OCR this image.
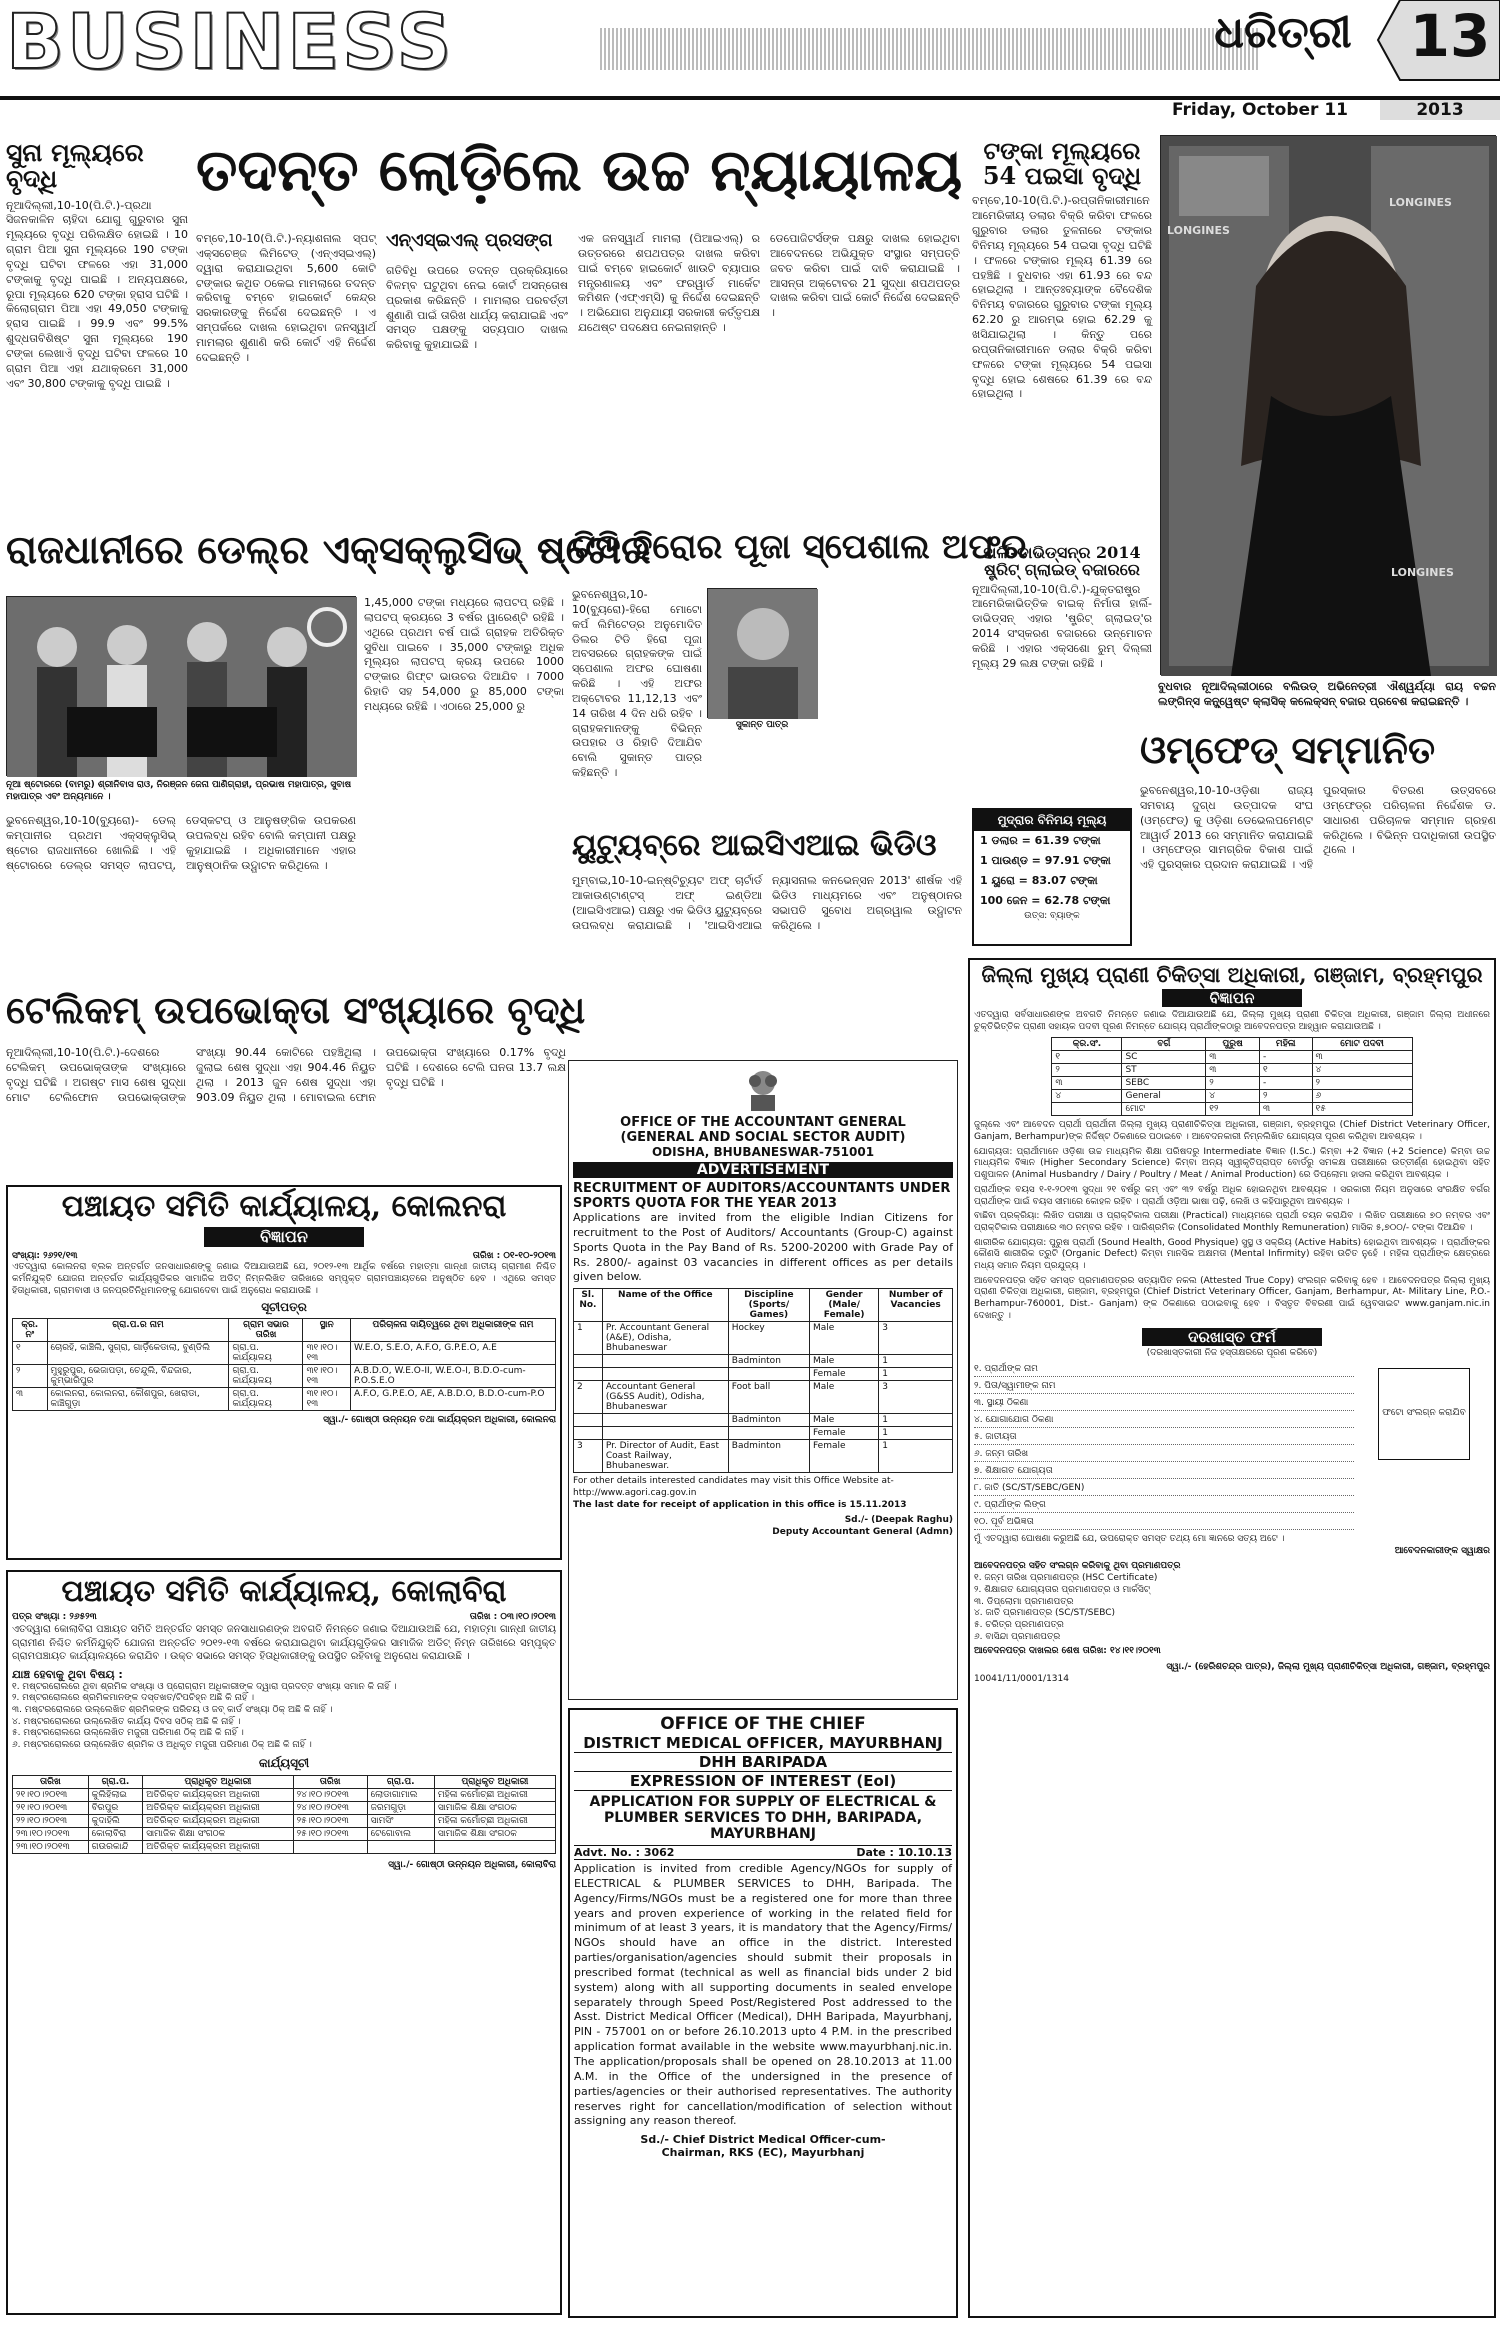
BUSINESS	ଧରିତ୍ରୀ 13
Friday, October 11	2013
ସୁନା ମୂଲ୍ୟରେ ବୃଦ୍ଧି
ନୂଆଦିଲ୍ଲୀ,10-10(ପି.ଟି.)-ପ୍ରଥା ସିଜନକାଳିନ ଚାହିଦା ଯୋଗୁ ଗୁରୁବାର ସୁନା ମୂଲ୍ୟରେ ବୃଦ୍ଧି ପରିଲକ୍ଷିତ ହୋଇଛି । 10 ଗ୍ରାମ ପିଆ ସୁନା ମୂଲ୍ୟରେ 190 ଟଙ୍କା ବୃଦ୍ଧି ଘଟିବା ଫଳରେ ଏହା 31,000 ଟଙ୍କାକୁ ବୃଦ୍ଧି ପାଇଛି । ଅନ୍ୟପକ୍ଷରେ, ରୂପା ମୂଲ୍ୟରେ 620 ଟଙ୍କା ହ୍ରାସ ଘଟିଛି । କିଲୋଗ୍ରାମ ପିଆ ଏହା 49,050 ଟଙ୍କାକୁ ହ୍ରାସ ପାଇଛି । 99.9 ଏବଂ 99.5% ଶୁଦ୍ଧତାବିଶିଷ୍ଟ ସୁନା ମୂଲ୍ୟରେ 190 ଟଙ୍କା ଲେଖାଏଁ ବୃଦ୍ଧି ଘଟିବା ଫଳରେ 10 ଗ୍ରାମ ପିଆ ଏହା ଯଥାକ୍ରମେ 31,000 ଏବଂ 30,800 ଟଙ୍କାକୁ ବୃଦ୍ଧି ପାଇଛି ।
ତଦନ୍ତ ଲୋଡ଼ିଲେ ଉଚ୍ଚ ନ୍ୟାୟାଳୟ
ବମ୍ବେ,10-10(ପି.ଟି.)-ନ୍ୟାଶନାଲ ସ୍ପଟ୍ ଏକ୍ସଚେଞ୍ଜ ଲିମିଟେଡ୍ (ଏନ୍ଏସ୍ଇଏଲ୍) ଦ୍ୱାରା କରାଯାଇଥିବା 5,600 କୋଟି ଟଙ୍କାର କଥିତ ଠକେଇ ମାମଲାରେ ତଦନ୍ତ କରିବାକୁ ବମ୍ବେ ହାଇକୋର୍ଟ କେନ୍ଦ୍ର ସରକାରଙ୍କୁ ନିର୍ଦ୍ଦେଶ ଦେଇଛନ୍ତି । ଏ ସମ୍ପର୍କରେ ଦାଖଲ ହୋଇଥିବା ଜନସ୍ୱାର୍ଥ ମାମଲାର ଶୁଣାଣି କରି କୋର୍ଟ ଏହି ନିର୍ଦ୍ଦେଶ ଦେଇଛନ୍ତି ।
ଏନ୍ଏସ୍ଇଏଲ୍ ପ୍ରସଙ୍ଗ
ଗତିବିଧି ଉପରେ ତଦନ୍ତ ପ୍ରକ୍ରିୟାରେ ବିଳମ୍ବ ଘଟୁଥିବା ନେଇ କୋର୍ଟ ଅସନ୍ତୋଷ ପ୍ରକାଶ କରିଛନ୍ତି । ମାମଲାର ପରବର୍ତ୍ତୀ ଶୁଣାଣି ପାଇଁ ତାରିଖ ଧାର୍ଯ୍ୟ କରାଯାଇଛି ଏବଂ ସମସ୍ତ ପକ୍ଷଙ୍କୁ ସତ୍ୟପାଠ ଦାଖଲ କରିବାକୁ କୁହାଯାଇଛି ।
ଏକ ଜନସ୍ୱାର୍ଥ ମାମଲା (ପିଆଇଏଲ୍) ର ଉତ୍ତରରେ ଶପଥପତ୍ର ଦାଖଲ କରିବା ପାଇଁ ବମ୍ବେ ହାଇକୋର୍ଟ ଖାଉଟି ବ୍ୟାପାର ମନ୍ତ୍ରଣାଳୟ ଏବଂ ଫରୱାର୍ଡ ମାର୍କେଟ କମିଶନ (ଏଫ୍ଏମ୍ସି) କୁ ନିର୍ଦ୍ଦେଶ ଦେଇଛନ୍ତି । ଅଭିଯୋଗ ଅନୁଯାୟୀ ସରକାରୀ କର୍ତ୍ତୃପକ୍ଷ ଯଥେଷ୍ଟ ପଦକ୍ଷେପ ନେଇନାହାନ୍ତି ।
ଡେପୋଜିଟର୍ସଙ୍କ ପକ୍ଷରୁ ଦାଖଲ ହୋଇଥିବା ଆବେଦନରେ ଅଭିଯୁକ୍ତ ସଂସ୍ଥାର ସମ୍ପତ୍ତି ଜବତ କରିବା ପାଇଁ ଦାବି କରାଯାଇଛି । ଆସନ୍ତା ଅକ୍ଟୋବର 21 ସୁଦ୍ଧା ଶପଥପତ୍ର ଦାଖଲ କରିବା ପାଇଁ କୋର୍ଟ ନିର୍ଦ୍ଦେଶ ଦେଇଛନ୍ତି ।
ଟଙ୍କା ମୂଲ୍ୟରେ 54 ପଇସା ବୃଦ୍ଧି
ବମ୍ବେ,10-10(ପି.ଟି.)-ରପ୍ତାନିକାରୀମାନେ ଆମେରିକୀୟ ଡଲାର ବିକ୍ରି କରିବା ଫଳରେ ଗୁରୁବାର ଡଲାର ତୁଳନାରେ ଟଙ୍କାର ବିନିମୟ ମୂଲ୍ୟରେ 54 ପଇସା ବୃଦ୍ଧି ଘଟିଛି । ଫଳରେ ଟଙ୍କାର ମୂଲ୍ୟ 61.39 ରେ ପହଞ୍ଚିଛି । ବୁଧବାର ଏହା 61.93 ରେ ବନ୍ଦ ହୋଇଥିଲା । ଆନ୍ତଃବ୍ୟାଙ୍କ ବୈଦେଶିକ ବିନିମୟ ବଜାରରେ ଗୁରୁବାର ଟଙ୍କା ମୂଲ୍ୟ 62.20 ରୁ ଆରମ୍ଭ ହୋଇ 62.29 କୁ ଖସିଯାଇଥିଲା । କିନ୍ତୁ ପରେ ରପ୍ତାନିକାରୀମାନେ ଡଲାର ବିକ୍ରି କରିବା ଫଳରେ ଟଙ୍କା ମୂଲ୍ୟରେ 54 ପଇସା ବୃଦ୍ଧି ହୋଇ ଶେଷରେ 61.39 ରେ ବନ୍ଦ ହୋଇଥିଲା ।
LONGINES
LONGINES
LONGINES
ବୁଧବାର ନୂଆଦିଲ୍ଲୀଠାରେ ବଲିଉଡ୍ ଅଭିନେତ୍ରୀ ଐଶ୍ୱର୍ଯ୍ୟା ରାୟ ବଚ୍ଚନ ଲଙ୍ଗିନ୍ସ କନ୍କ୍ୱେଷ୍ଟ କ୍ଲାସିକ୍ କଲେକ୍ସନ୍ ବଜାର ପ୍ରବେଶ କରାଇଛନ୍ତି ।
ରାଜଧାନୀରେ ଡେଲ୍ର ଏକ୍ସକ୍ଲୁସିଭ୍ ଷ୍ଟୋର
1,45,000 ଟଙ୍କା ମଧ୍ୟରେ ଲାପଟପ୍ ରହିଛି । ଲାପଟପ୍ କ୍ରୟରେ 3 ବର୍ଷର ୱାରେଣ୍ଟି ରହିଛି । ଏଥିରେ ପ୍ରଥମ ବର୍ଷ ପାଇଁ ଗ୍ରାହକ ଅତିରିକ୍ତ ସୁବିଧା ପାଇବେ । 35,000 ଟଙ୍କାରୁ ଅଧିକ ମୂଲ୍ୟର ଲାପଟପ୍ କ୍ରୟ ଉପରେ 1000 ଟଙ୍କାର ଗିଫ୍ଟ ଭାଉଚର ଦିଆଯିବ । 7000 ରିହାତି ସହ 54,000 ରୁ 85,000 ଟଙ୍କା ମଧ୍ୟରେ ରହିଛି । ଏଠାରେ 25,000 ରୁ
ନୂଆ ଷ୍ଟୋରରେ (ବାମରୁ) ଶ୍ରୀନିବାସ ରାଓ, ନିରଞ୍ଜନ ଜେନା ପାଣିଗ୍ରାହୀ, ପ୍ରଭାଷ ମହାପାତ୍ର, ସୁବାଷ ମହାପାତ୍ର ଏବଂ ଅନ୍ୟମାନେ ।
ଭୁବନେଶ୍ୱର,10-10(ବ୍ୟୁରୋ)- ଡେଲ୍ କମ୍ପାନୀର ପ୍ରଥମ ଏକ୍ସକ୍ଲୁସିଭ୍ ଷ୍ଟୋର ରାଜଧାନୀରେ ଖୋଲିଛି । ଏହି ଷ୍ଟୋରରେ ଡେଲ୍ର ସମସ୍ତ ଲାପଟପ୍, ଡେସ୍କଟପ୍ ଓ ଆନୁଷଙ୍ଗିକ ଉପକରଣ ଉପଲବ୍ଧ ରହିବ ବୋଲି କମ୍ପାନୀ ପକ୍ଷରୁ କୁହାଯାଇଛି । ଅଧିକାରୀମାନେ ଏହାର ଆନୁଷ୍ଠାନିକ ଉଦ୍ଘାଟନ କରିଥିଲେ ।
ଟିଡି ହିରୋର ପୂଜା ସ୍ପେଶାଲ ଅଫର
ସୁକାନ୍ତ ପାତ୍ର
ଭୁବନେଶ୍ୱର,10-10(ବ୍ୟୁରୋ)-ହିରୋ ମୋଟୋ କର୍ପ ଲିମିଟେଡ୍ର ଅନୁମୋଦିତ ଡିଲର ଟିଡି ହିରୋ ପୂଜା ଅବସରରେ ଗ୍ରାହକଙ୍କ ପାଇଁ ସ୍ପେଶାଲ ଅଫର ଘୋଷଣା କରିଛି । ଏହି ଅଫର ଅକ୍ଟୋବର 11,12,13 ଏବଂ 14 ତାରିଖ 4 ଦିନ ଧରି ରହିବ । ଗ୍ରାହକମାନଙ୍କୁ ବିଭିନ୍ନ ଉପହାର ଓ ରିହାତି ଦିଆଯିବ ବୋଲି ସୁକାନ୍ତ ପାତ୍ର କହିଛନ୍ତି ।
ୟୁଟ୍ୟୁବ୍ରେ ଆଇସିଏଆଇ ଭିଡିଓ
ମୁମ୍ବାଇ,10-10-ଇନ୍ଷ୍ଟିଚ୍ୟୁଟ ଅଫ୍ ଚାର୍ଟାର୍ଡ ଆକାଉଣ୍ଟାଣ୍ଟସ୍ ଅଫ୍ ଇଣ୍ଡିଆ (ଆଇସିଏଆଇ) ପକ୍ଷରୁ ଏକ ଭିଡିଓ ୟୁଟ୍ୟୁବ୍ରେ ଉପଲବ୍ଧ କରାଯାଇଛି । 'ଆଇସିଏଆଇ ନ୍ୟାସନାଲ କନଭେନ୍ସନ 2013' ଶୀର୍ଷକ ଏହି ଭିଡିଓ ମାଧ୍ୟମରେ ଏବଂ ଅନୁଷ୍ଠାନର ସଭାପତି ସୁବୋଧ ଅଗ୍ରୱାଲ ଉଦ୍ଘାଟନ କରିଥିଲେ ।
ଟେଲିକମ୍ ଉପଭୋକ୍ତା ସଂଖ୍ୟାରେ ବୃଦ୍ଧି
ନୂଆଦିଲ୍ଲୀ,10-10(ପି.ଟି.)-ଦେଶରେ ଟେଲିକମ୍ ଉପଭୋକ୍ତାଙ୍କ ସଂଖ୍ୟାରେ ବୃଦ୍ଧି ଘଟିଛି । ଅଗଷ୍ଟ ମାସ ଶେଷ ସୁଦ୍ଧା ମୋଟ ଟେଲିଫୋନ ଉପଭୋକ୍ତାଙ୍କ ସଂଖ୍ୟା 90.44 କୋଟିରେ ପହଞ୍ଚିଥିଲା । ଜୁଲାଇ ଶେଷ ସୁଦ୍ଧା ଏହା 904.46 ନିୟୁତ ଥିଲା । 2013 ଜୁନ ଶେଷ ସୁଦ୍ଧା ଏହା 903.09 ନିୟୁତ ଥିଲା । ମୋବାଇଲ ଫୋନ ଉପଭୋକ୍ତା ସଂଖ୍ୟାରେ 0.17% ବୃଦ୍ଧି ଘଟିଛି । ଦେଶରେ ଟେଲି ଘନତା 13.7 ଲକ୍ଷ ବୃଦ୍ଧି ଘଟିଛି ।
ଓମ୍ଫେଡ୍ ସମ୍ମାନିତ
ଭୁବନେଶ୍ୱର,10-10-ଓଡ଼ିଶା ରାଜ୍ୟ ସମବାୟ ଦୁଗ୍ଧ ଉତ୍ପାଦକ ସଂଘ (ଓମ୍ଫେଡ୍) କୁ ଓଡ଼ିଶା ଡେଭେଲପମେଣ୍ଟ ଆୱାର୍ଡ 2013 ରେ ସମ୍ମାନିତ କରାଯାଇଛି । ଓମ୍ଫେଡ୍ର ସାମଗ୍ରିକ ବିକାଶ ପାଇଁ ଏହି ପୁରସ୍କାର ପ୍ରଦାନ କରାଯାଇଛି । ଏହି ପୁରସ୍କାର ବିତରଣ ଉତ୍ସବରେ ଓମ୍ଫେଡ୍ର ପରିଚାଳନା ନିର୍ଦ୍ଦେଶକ ଡ. ସାଧାରଣ ପରିଚାଳକ ସମ୍ମାନ ଗ୍ରହଣ କରିଥିଲେ । ବିଭିନ୍ନ ପଦାଧିକାରୀ ଉପସ୍ଥିତ ଥିଲେ ।
ହାର୍ଲି-ଡାଭିଡ୍ସନ୍ର 2014 ଷ୍ଟ୍ରିଟ୍ ଗ୍ଲାଇଡ୍ ବଜାରରେ
ନୂଆଦିଲ୍ଲୀ,10-10(ପି.ଟି.)-ଯୁକ୍ତରାଷ୍ଟ୍ର ଆମେରିକାଭିତ୍ତିକ ବାଇକ୍ ନିର୍ମାତା ହାର୍ଲି-ଡାଭିଡ୍ସନ୍ ଏହାର 'ଷ୍ଟ୍ରିଟ୍ ଗ୍ଲାଇଡ୍'ର 2014 ସଂସ୍କରଣ ବଜାରରେ ଉନ୍ମୋଚନ କରିଛି । ଏହାର ଏକ୍ସଶୋ ରୁମ୍ ଦିଲ୍ଲୀ ମୂଲ୍ୟ 29 ଲକ୍ଷ ଟଙ୍କା ରହିଛି ।
ମୁଦ୍ରାର ବିନିମୟ ମୂଲ୍ୟ
1 ଡଲାର = 61.39 ଟଙ୍କା
1 ପାଉଣ୍ଡ = 97.91 ଟଙ୍କା
1 ୟୁରୋ = 83.07 ଟଙ୍କା
100 ଜେନ = 62.78 ଟଙ୍କା
ଉତ୍ସ: ବ୍ୟାଙ୍କ
ପଞ୍ଚାୟତ ସମିତି କାର୍ଯ୍ୟାଳୟ, କୋଲନରା
ବିଜ୍ଞାପନ
ସଂଖ୍ୟା: ୨୬୨୧/୧୩	ତାରିଖ : ୦୧-୧୦-୨୦୧୩
ଏତଦ୍ୱାରା କୋଲନରା ବ୍ଲକ ଅନ୍ତର୍ଗତ ଜନସାଧାରଣଙ୍କୁ ଜଣାଇ ଦିଆଯାଉଅଛି ଯେ, ୨୦୧୨-୧୩ ଆର୍ଥିକ ବର୍ଷରେ ମହାତ୍ମା ଗାନ୍ଧୀ ଜାତୀୟ ଗ୍ରାମୀଣ ନିଶ୍ଚିତ କର୍ମନିଯୁକ୍ତି ଯୋଜନା ଅନ୍ତର୍ଗତ କାର୍ଯ୍ୟଗୁଡିକର ସାମାଜିକ ଅଡିଟ୍ ନିମ୍ନଲିଖିତ ତାରିଖରେ ସମ୍ପୃକ୍ତ ଗ୍ରାମପଞ୍ଚାୟତରେ ଅନୁଷ୍ଠିତ ହେବ । ଏଥିରେ ସମସ୍ତ ହିତାଧିକାରୀ, ଗ୍ରାମବାସୀ ଓ ଜନପ୍ରତିନିଧିମାନଙ୍କୁ ଯୋଗଦେବା ପାଇଁ ଅନୁରୋଧ କରାଯାଉଛି ।
ସୂଚୀପତ୍ର
କ୍ର. ନଂ	ଗ୍ରା.ପ.ର ନାମ	ଗ୍ରାମ ସଭାର ତାରିଖ	ସ୍ଥାନ	ପରିଚାଳନା ଦାୟିତ୍ୱରେ ଥିବା ଅଧିକାରୀଙ୍କ ନାମ
୧	ଚୋରହି, କାଞ୍ଚିଲି, ସୁଗ୍ରା, ଗାର୍ଡ଼ିକେଡାଲା, ବୁଣ୍ଡିଲି	ଗ୍ରା.ପ. କାର୍ଯ୍ୟାଳୟ	୩୧।୧୦।୧୩	W.E.O, S.E.O, A.F.O, G.P.E.O, A.E
୨	ମୁହୁରୁପୁର, ଭେଜାପଡ଼ା, ଚେନ୍ଦୁଲି, ବିନ୍ଦଜାର, କୁମ୍ଭାରିପୁର	ଗ୍ରା.ପ. କାର୍ଯ୍ୟାଳୟ	୩୧।୧୦।୧୩	A.B.D.O, W.E.O-II, W.E.O-I, B.D.O-cum-P.O.S.E.O
୩	କୋଲନରା, କୋଲନରା, କୌଶପୁର, ଖେରାଡା, କାଞ୍ଚିଗୁଡ଼ା	ଗ୍ରା.ପ. କାର୍ଯ୍ୟାଳୟ	୩୧।୧୦।୧୩	A.F.O, G.P.E.O, AE, A.B.D.O, B.D.O-cum-P.O
ସ୍ୱା./- ଗୋଷ୍ଠୀ ଉନ୍ନୟନ ତଥା କାର୍ଯ୍ୟକ୍ରମ ଅଧିକାରୀ, କୋଲନରା
ପଞ୍ଚାୟତ ସମିତି କାର୍ଯ୍ୟାଳୟ, କୋଲାବିରା
ପତ୍ର ସଂଖ୍ୟା : ୨୬୫୨୩	ତାରିଖ : ୦୩।୧୦।୨୦୧୩
ଏତଦ୍ୱାରା କୋଲାବିରା ପଞ୍ଚାୟତ ସମିତି ଅନ୍ତର୍ଗତ ସମସ୍ତ ଜନସାଧାରଣଙ୍କ ଅବଗତି ନିମନ୍ତେ ଜଣାଇ ଦିଆଯାଉଅଛି ଯେ, ମହାତ୍ମା ଗାନ୍ଧୀ ଜାତୀୟ ଗ୍ରାମୀଣ ନିଶ୍ଚିତ କର୍ମନିଯୁକ୍ତି ଯୋଜନା ଅନ୍ତର୍ଗତ ୨୦୧୨-୧୩ ବର୍ଷରେ କରାଯାଇଥିବା କାର୍ଯ୍ୟଗୁଡ଼ିକର ସାମାଜିକ ଅଡିଟ୍ ନିମ୍ନ ତାରିଖରେ ସମ୍ପୃକ୍ତ ଗ୍ରାମପଞ୍ଚାୟତ କାର୍ଯ୍ୟାଳୟରେ କରାଯିବ । ଉକ୍ତ ସଭାରେ ସମସ୍ତ ହିତାଧିକାରୀଙ୍କୁ ଉପସ୍ଥିତ ରହିବାକୁ ଅନୁରୋଧ କରାଯାଉଛି ।
ଯାଞ୍ଚ ହେବାକୁ ଥିବା ବିଷୟ :
୧. ମଷ୍ଟରରୋଲରେ ଥିବା ଶ୍ରମିକ ସଂଖ୍ୟା ଓ ପ୍ରୋଗ୍ରାମ ଅଧିକାରୀଙ୍କ ଦ୍ୱାରା ପ୍ରଦତ୍ତ ସଂଖ୍ୟା ସମାନ କି ନାହିଁ ।
୨. ମଷ୍ଟରରୋଲରେ ଶ୍ରମିକମାନଙ୍କ ଦସ୍ତଖତ/ଟିପଚିହ୍ନ ଅଛି କି ନାହିଁ ।
୩. ମଷ୍ଟରରୋଲରେ ଉଲ୍ଲେଖିତ ଶ୍ରମିକଙ୍କ ପରିଚୟ ଓ ଜବ୍ କାର୍ଡ ସଂଖ୍ୟା ଠିକ୍ ଅଛି କି ନାହିଁ ।
୪. ମଷ୍ଟରରୋଲରେ ଉଲ୍ଲେଖିତ କାର୍ଯ୍ୟ ଦିବସ ସଠିକ୍ ଅଛି କି ନାହିଁ ।
୫. ମଷ୍ଟରରୋଲରେ ଉଲ୍ଲେଖିତ ମଜୁରୀ ପରିମାଣ ଠିକ୍ ଅଛି କି ନାହିଁ ।
୬. ମଷ୍ଟରରୋଲରେ ଉଲ୍ଲେଖିତ ଶ୍ରମିକ ଓ ଅଧିକୃତ ମଜୁରୀ ପରିମାଣ ଠିକ୍ ଅଛି କି ନାହିଁ ।
କାର୍ଯ୍ୟସୂଚୀ
ତାରିଖ	ଗ୍ରା.ପ.	ପ୍ରାଧିକୃତ ଅଧିକାରୀ	ତାରିଖ	ଗ୍ରା.ପ.	ପ୍ରାଧିକୃତ ଅଧିକାରୀ
୨୧।୧୦।୨୦୧୩	କୁଲିହିଲାଇ	ଅତିରିକ୍ତ କାର୍ଯ୍ୟକ୍ରମ ଅଧିକାରୀ	୨୪।୧୦।୨୦୧୩	ଲୋଡାଗାମାଲ	ମହିଳା କର୍ମୋଚ୍ଛୀ ଅଧିକାରୀ
୨୧।୧୦।୨୦୧୩	ବିରପୁର	ଅତିରିକ୍ତ କାର୍ଯ୍ୟକ୍ରମ ଅଧିକାରୀ	୨୪।୧୦।୨୦୧୩	ଜରମଗୁଡ଼ା	ସାମାଜିକ ଶିକ୍ଷା ସଂଗଠକ
୨୨।୧୦।୨୦୧୩	କୁଦାହିଲି	ଅତିରିକ୍ତ କାର୍ଯ୍ୟକ୍ରମ ଅଧିକାରୀ	୨୫।୧୦।୨୦୧୩	ସାମସିଂ	ମହିଳା କର୍ମୋଚ୍ଛୀ ଅଧିକାରୀ
୨୩।୧୦।୨୦୧୩	କୋଲାବିରା	ସାମାଜିକ ଶିକ୍ଷା ସଂଗଠକ	୨୫।୧୦।୨୦୧୩	ଟେଗୋବାଲ	ସାମାଜିକ ଶିକ୍ଷା ସଂଗଠକ
୨୩।୧୦।୨୦୧୩	ଗଉରକାନ୍ଦି	ଅତିରିକ୍ତ କାର୍ଯ୍ୟକ୍ରମ ଅଧିକାରୀ			
ସ୍ୱା./- ଗୋଷ୍ଠୀ ଉନ୍ନୟନ ଅଧିକାରୀ, କୋଲାବିରା
OFFICE OF THE ACCOUNTANT GENERAL
(GENERAL AND SOCIAL SECTOR AUDIT)
ODISHA, BHUBANESWAR-751001
ADVERTISEMENT
RECRUITMENT OF AUDITORS/ACCOUNTANTS UNDER SPORTS QUOTA FOR THE YEAR 2013
Applications are invited from the eligible Indian Citizens for recruitment to the Post of Auditors/ Accountants (Group-C) against Sports Quota in the Pay Band of Rs. 5200-20200 with Grade Pay of Rs. 2800/- against 03 vacancies in different offices as per details given below.
Sl. No.	Name of the Office	Discipline (Sports/ Games)	Gender (Male/ Female)	Number of Vacancies
1	Pr. Accountant General (A&E), Odisha, Bhubaneswar	Hockey	Male	3
		Badminton	Male	1
			Female	1
2	Accountant General (G&SS Audit), Odisha, Bhubaneswar	Foot ball	Male	3
		Badminton	Male	1
			Female	1
3	Pr. Director of Audit, East Coast Railway, Bhubaneswar.	Badminton	Female	1
For other details interested candidates may visit this Office Website at- http://www.agori.cag.gov.in
The last date for receipt of application in this office is 15.11.2013
Sd./- (Deepak Raghu)
Deputy Accountant General (Admn)
OFFICE OF THE CHIEF
DISTRICT MEDICAL OFFICER, MAYURBHANJ
DHH BARIPADA
EXPRESSION OF INTEREST (EoI)
APPLICATION FOR SUPPLY OF ELECTRICAL & PLUMBER SERVICES TO DHH, BARIPADA, MAYURBHANJ
Advt. No. : 3062	Date : 10.10.13
Application is invited from credible Agency/NGOs for supply of ELECTRICAL & PLUMBER SERVICES to DHH, Baripada. The Agency/Firms/NGOs must be a registered one for more than three years and proven experience of working in the related field for minimum of at least 3 years, it is mandatory that the Agency/Firms/ NGOs should have an office in the district. Interested parties/organisation/agencies should submit their proposals in prescribed format (technical as well as financial bids under 2 bid system) along with all supporting documents in sealed envelope separately through Speed Post/Registered Post addressed to the Asst. District Medical Officer (Medical), DHH Baripada, Mayurbhanj, PIN - 757001 on or before 26.10.2013 upto 4 P.M. in the prescribed application format available in the website www.mayurbhanj.nic.in. The application/proposals shall be opened on 28.10.2013 at 11.00 A.M. in the Office of the undersigned in the presence of parties/agencies or their authorised representatives. The authority reserves right for cancellation/modification of selection without assigning any reason thereof.
Sd./- Chief District Medical Officer-cum-
Chairman, RKS (EC), Mayurbhanj
ଜିଲ୍ଲା ମୁଖ୍ୟ ପ୍ରାଣୀ ଚିକିତ୍ସା ଅଧିକାରୀ, ଗଞ୍ଜାମ, ବ୍ରହ୍ମପୁର
ବିଜ୍ଞାପନ
ଏତଦ୍ୱାରା ସର୍ବସାଧାରଣଙ୍କ ଅବଗତି ନିମନ୍ତେ ଜଣାଇ ଦିଆଯାଉଅଛି ଯେ, ଜିଲ୍ଲା ମୁଖ୍ୟ ପ୍ରାଣୀ ଚିକିତ୍ସା ଅଧିକାରୀ, ଗଞ୍ଜାମ ଜିଲ୍ଲା ଅଧୀନରେ ଚୁକ୍ତିଭିତ୍ତିକ ପ୍ରାଣୀ ସହାୟକ ପଦବୀ ପୂରଣ ନିମନ୍ତେ ଯୋଗ୍ୟ ପ୍ରାର୍ଥୀଙ୍କଠାରୁ ଆବେଦନପତ୍ର ଆହ୍ୱାନ କରାଯାଉଅଛି ।
କ୍ର.ସଂ.	ବର୍ଗ	ପୁରୁଷ	ମହିଳା	ମୋଟ ପଦବୀ
୧	SC	୩	-	୩
୨	ST	୩	୧	୪
୩	SEBC	୨	-	୨
୪	General	୪	୨	୬
	ମୋଟ	୧୨	୩	୧୫
ଜୁଲ୍ଲେ ଏବଂ ଆବେଦନ ପ୍ରାର୍ଥୀ ପ୍ରାର୍ଥୀନୀ ଜିଲ୍ଲା ମୁଖ୍ୟ ପ୍ରାଣୀଚିକିତ୍ସା ଅଧିକାରୀ, ଗଞ୍ଜାମ, ବ୍ରହ୍ମପୁର (Chief District Veterinary Officer, Ganjam, Berhampur)ଙ୍କ ନିର୍ଦ୍ଦିଷ୍ଟ ଠିକଣାରେ ପଠାଇବେ । ଆବେଦନକାରୀ ନିମ୍ନଲିଖିତ ଯୋଗ୍ୟତା ପୂରଣ କରିଥିବା ଆବଶ୍ୟକ ।
ଯୋଗ୍ୟତା: ପ୍ରାର୍ଥୀମାନେ ଓଡ଼ିଶା ଉଚ୍ଚ ମାଧ୍ୟମିକ ଶିକ୍ଷା ପରିଷଦରୁ Intermediate ବିଜ୍ଞାନ (I.Sc.) କିମ୍ବା +2 ବିଜ୍ଞାନ (+2 Science) କିମ୍ବା ଉଚ୍ଚ ମାଧ୍ୟମିକ ବିଜ୍ଞାନ (Higher Secondary Science) କିମ୍ବା ଅନ୍ୟ ସ୍ୱୀକୃତିପ୍ରାପ୍ତ ବୋର୍ଡରୁ ସମକକ୍ଷ ପରୀକ୍ଷାରେ ଉତ୍ତୀର୍ଣ୍ଣ ହୋଇଥିବା ସହିତ ପଶୁପାଳନ (Animal Husbandry / Dairy / Poultry / Meat / Animal Production) ରେ ଡିପ୍ଲୋମା ହାସଲ କରିଥିବା ଆବଶ୍ୟକ ।
ପ୍ରାର୍ଥୀଙ୍କ ବୟସ ୧-୧-୨୦୧୩ ସୁଦ୍ଧା ୨୧ ବର୍ଷରୁ କମ୍ ଏବଂ ୩୨ ବର୍ଷରୁ ଅଧିକ ହୋଇନଥିବା ଆବଶ୍ୟକ । ସରକାରୀ ନିୟମ ଅନୁସାରେ ସଂରକ୍ଷିତ ବର୍ଗର ପ୍ରାର୍ଥୀଙ୍କ ପାଇଁ ବୟସ ସୀମାରେ କୋହଳ ରହିବ । ପ୍ରାର୍ଥୀ ଓଡ଼ିଆ ଭାଷା ପଢ଼ି, ଲେଖି ଓ କହିପାରୁଥିବା ଆବଶ୍ୟକ ।
ବାଛିବା ପ୍ରକ୍ରିୟା: ଲିଖିତ ପରୀକ୍ଷା ଓ ପ୍ରାକ୍ଟିକାଲ ପରୀକ୍ଷା (Practical) ମାଧ୍ୟମରେ ପ୍ରାର୍ଥୀ ଚୟନ କରାଯିବ । ଲିଖିତ ପରୀକ୍ଷାରେ ୭୦ ନମ୍ବର ଏବଂ ପ୍ରାକ୍ଟିକାଲ ପରୀକ୍ଷାରେ ୩୦ ନମ୍ବର ରହିବ । ପାରିଶ୍ରମିକ (Consolidated Monthly Remuneration) ମାସିକ ୫,୭୦୦/- ଟଙ୍କା ଦିଆଯିବ ।
ଶାରୀରିକ ଯୋଗ୍ୟତା: ପୁରୁଷ ପ୍ରାର୍ଥୀ (Sound Health, Good Physique) ସୁସ୍ଥ ଓ ସକ୍ରିୟ (Active Habits) ହୋଇଥିବା ଆବଶ୍ୟକ । ପ୍ରାର୍ଥୀଙ୍କର କୌଣସି ଶାରୀରିକ ତ୍ରୁଟି (Organic Defect) କିମ୍ବା ମାନସିକ ଅକ୍ଷମତା (Mental Infirmity) ରହିବା ଉଚିତ ନୁହେଁ । ମହିଳା ପ୍ରାର୍ଥୀଙ୍କ କ୍ଷେତ୍ରରେ ମଧ୍ୟ ସମାନ ନିୟମ ପ୍ରଯୁଜ୍ୟ ।
ଆବେଦନପତ୍ର ସହିତ ସମସ୍ତ ପ୍ରମାଣପତ୍ରର ସତ୍ୟାପିତ ନକଲ (Attested True Copy) ସଂଲଗ୍ନ କରିବାକୁ ହେବ । ଆବେଦନପତ୍ର ଜିଲ୍ଲା ମୁଖ୍ୟ ପ୍ରାଣୀ ଚିକିତ୍ସା ଅଧିକାରୀ, ଗଞ୍ଜାମ, ବ୍ରହ୍ମପୁର (Chief District Veterinary Officer, Ganjam, Berhampur, At- Military Line, P.O.- Berhampur-760001, Dist.- Ganjam) ଙ୍କ ଠିକଣାରେ ପଠାଇବାକୁ ହେବ । ବିସ୍ତୃତ ବିବରଣୀ ପାଇଁ ୱେବସାଇଟ www.ganjam.nic.in ଦେଖନ୍ତୁ ।
ଦରଖାସ୍ତ ଫର୍ମ
(ଦରଖାସ୍ତକାରୀ ନିଜ ହସ୍ତାକ୍ଷରରେ ପୂରଣ କରିବେ)
ଫଟୋ ସଂଲଗ୍ନ କରାଯିବ
୧. ପ୍ରାର୍ଥୀଙ୍କ ନାମ
୨. ପିତା/ସ୍ୱାମୀଙ୍କ ନାମ
୩. ସ୍ଥାୟୀ ଠିକଣା
୪. ଯୋଗାଯୋଗ ଠିକଣା
୫. ଜାତୀୟତା
୬. ଜନ୍ମ ତାରିଖ
୭. ଶିକ୍ଷାଗତ ଯୋଗ୍ୟତା
୮. ଜାତି (SC/ST/SEBC/GEN)
୯. ପ୍ରାର୍ଥୀଙ୍କ ଲିଙ୍ଗ
୧୦. ପୂର୍ବ ଅଭିଜ୍ଞତା
ମୁଁ ଏତଦ୍ୱାରା ଘୋଷଣା କରୁଅଛି ଯେ, ଉପରୋକ୍ତ ସମସ୍ତ ତଥ୍ୟ ମୋ ଜ୍ଞାନରେ ସତ୍ୟ ଅଟେ ।
ଆବେଦନକାରୀଙ୍କ ସ୍ୱାକ୍ଷର
ଆବେଦନପତ୍ର ସହିତ ସଂଲଗ୍ନ କରିବାକୁ ଥିବା ପ୍ରମାଣପତ୍ର
୧. ଜନ୍ମ ତାରିଖ ପ୍ରମାଣପତ୍ର (HSC Certificate)
୨. ଶିକ୍ଷାଗତ ଯୋଗ୍ୟତାର ପ୍ରମାଣପତ୍ର ଓ ମାର୍କସିଟ୍
୩. ଡିପ୍ଲୋମା ପ୍ରମାଣପତ୍ର
୪. ଜାତି ପ୍ରମାଣପତ୍ର (SC/ST/SEBC)
୫. ଚରିତ୍ର ପ୍ରମାଣପତ୍ର
୬. ବାସିନ୍ଦା ପ୍ରମାଣପତ୍ର
ଆବେଦନପତ୍ର ଦାଖଲର ଶେଷ ତାରିଖ: ୧୪।୧୧।୨୦୧୩
ସ୍ୱା./- (ହେରିଶଚନ୍ଦ୍ର ପାତ୍ର), ଜିଲ୍ଲା ମୁଖ୍ୟ ପ୍ରାଣୀଚିକିତ୍ସା ଅଧିକାରୀ, ଗଞ୍ଜାମ, ବ୍ରହ୍ମପୁର
10041/11/0001/1314
